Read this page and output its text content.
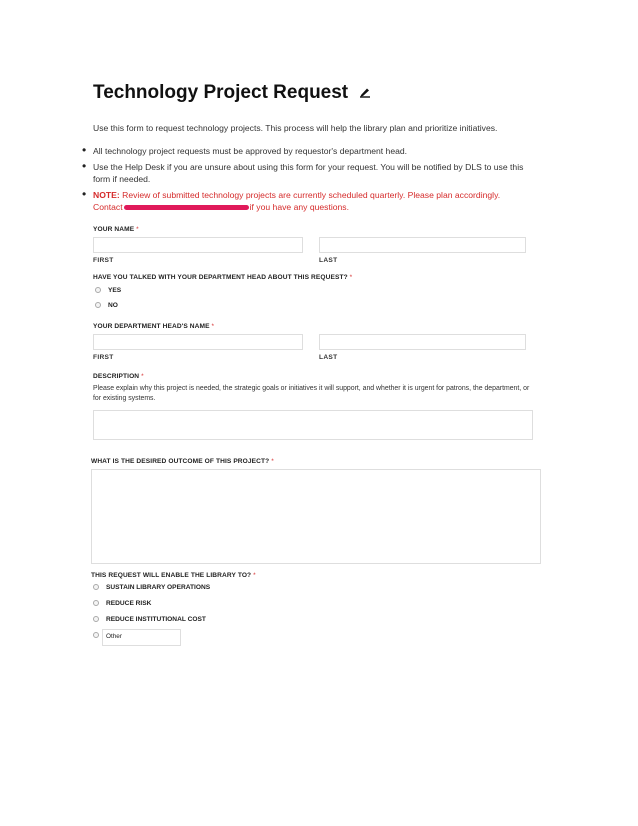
Technology Project Request
Use this form to request technology projects. This process will help the library plan and prioritize initiatives.
• All technology project requests must be approved by requestor's department head.
• Use the Help Desk if you are unsure about using this form for your request. You will be notified by DLS to use this form if needed.
• NOTE: Review of submitted technology projects are currently scheduled quarterly. Please plan accordingly.
Contact	if you have any questions.
YOUR NAME *
FIRST	LAST
HAVE YOU TALKED WITH YOUR DEPARTMENT HEAD ABOUT THIS REQUEST? *
YES
NO
YOUR DEPARTMENT HEAD'S NAME *
FIRST	LAST
DESCRIPTION *
Please explain why this project is needed, the strategic goals or initiatives it will support, and whether it is urgent for patrons, the department, or for existing systems.
WHAT IS THE DESIRED OUTCOME OF THIS PROJECT? *
THIS REQUEST WILL ENABLE THE LIBRARY TO? *
SUSTAIN LIBRARY OPERATIONS
REDUCE RISK
REDUCE INSTITUTIONAL COST
Other
